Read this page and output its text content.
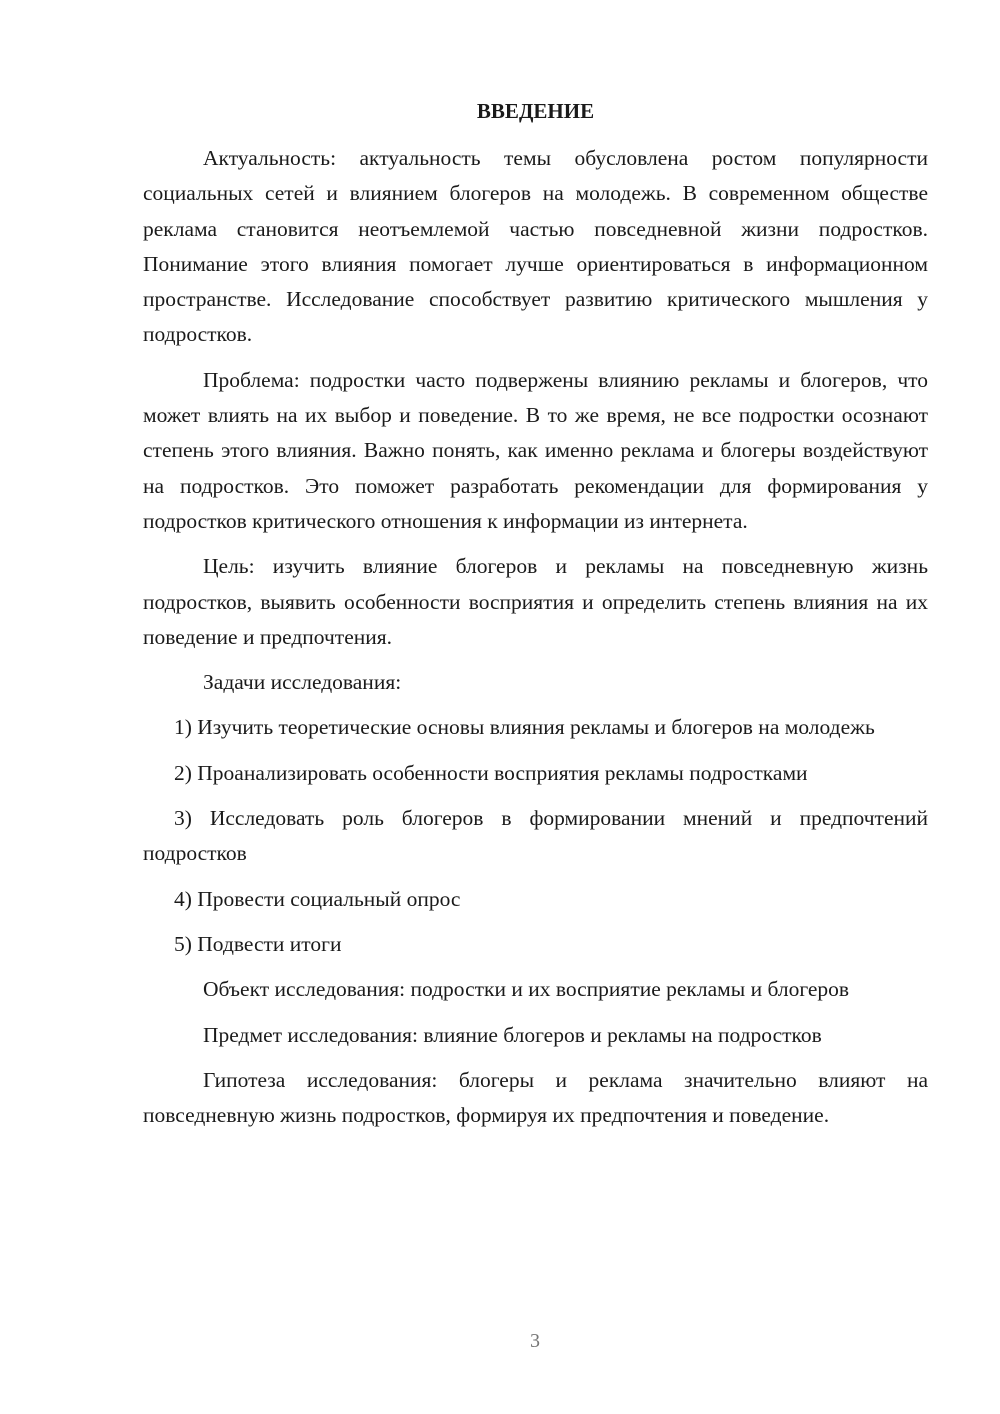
ВВЕДЕНИЕ

Актуальность: актуальность темы обусловлена ростом популярности социальных сетей и влиянием блогеров на молодежь. В современном обществе реклама становится неотъемлемой частью повседневной жизни подростков. Понимание этого влияния помогает лучше ориентироваться в информационном пространстве. Исследование способствует развитию критического мышления у подростков.

Проблема: подростки часто подвержены влиянию рекламы и блогеров, что может влиять на их выбор и поведение. В то же время, не все подростки осознают степень этого влияния. Важно понять, как именно реклама и блогеры воздействуют на подростков. Это поможет разработать рекомендации для формирования у подростков критического отношения к информации из интернета.

Цель: изучить влияние блогеров и рекламы на повседневную жизнь подростков, выявить особенности восприятия и определить степень влияния на их поведение и предпочтения.

Задачи исследования:

1) Изучить теоретические основы влияния рекламы и блогеров на молодежь

2) Проанализировать особенности восприятия рекламы подростками

3) Исследовать роль блогеров в формировании мнений и предпочтений подростков

4) Провести социальный опрос

5) Подвести итоги

Объект исследования: подростки и их восприятие рекламы и блогеров

Предмет исследования: влияние блогеров и рекламы на подростков

Гипотеза исследования: блогеры и реклама значительно влияют на повседневную жизнь подростков, формируя их предпочтения и поведение.

3
